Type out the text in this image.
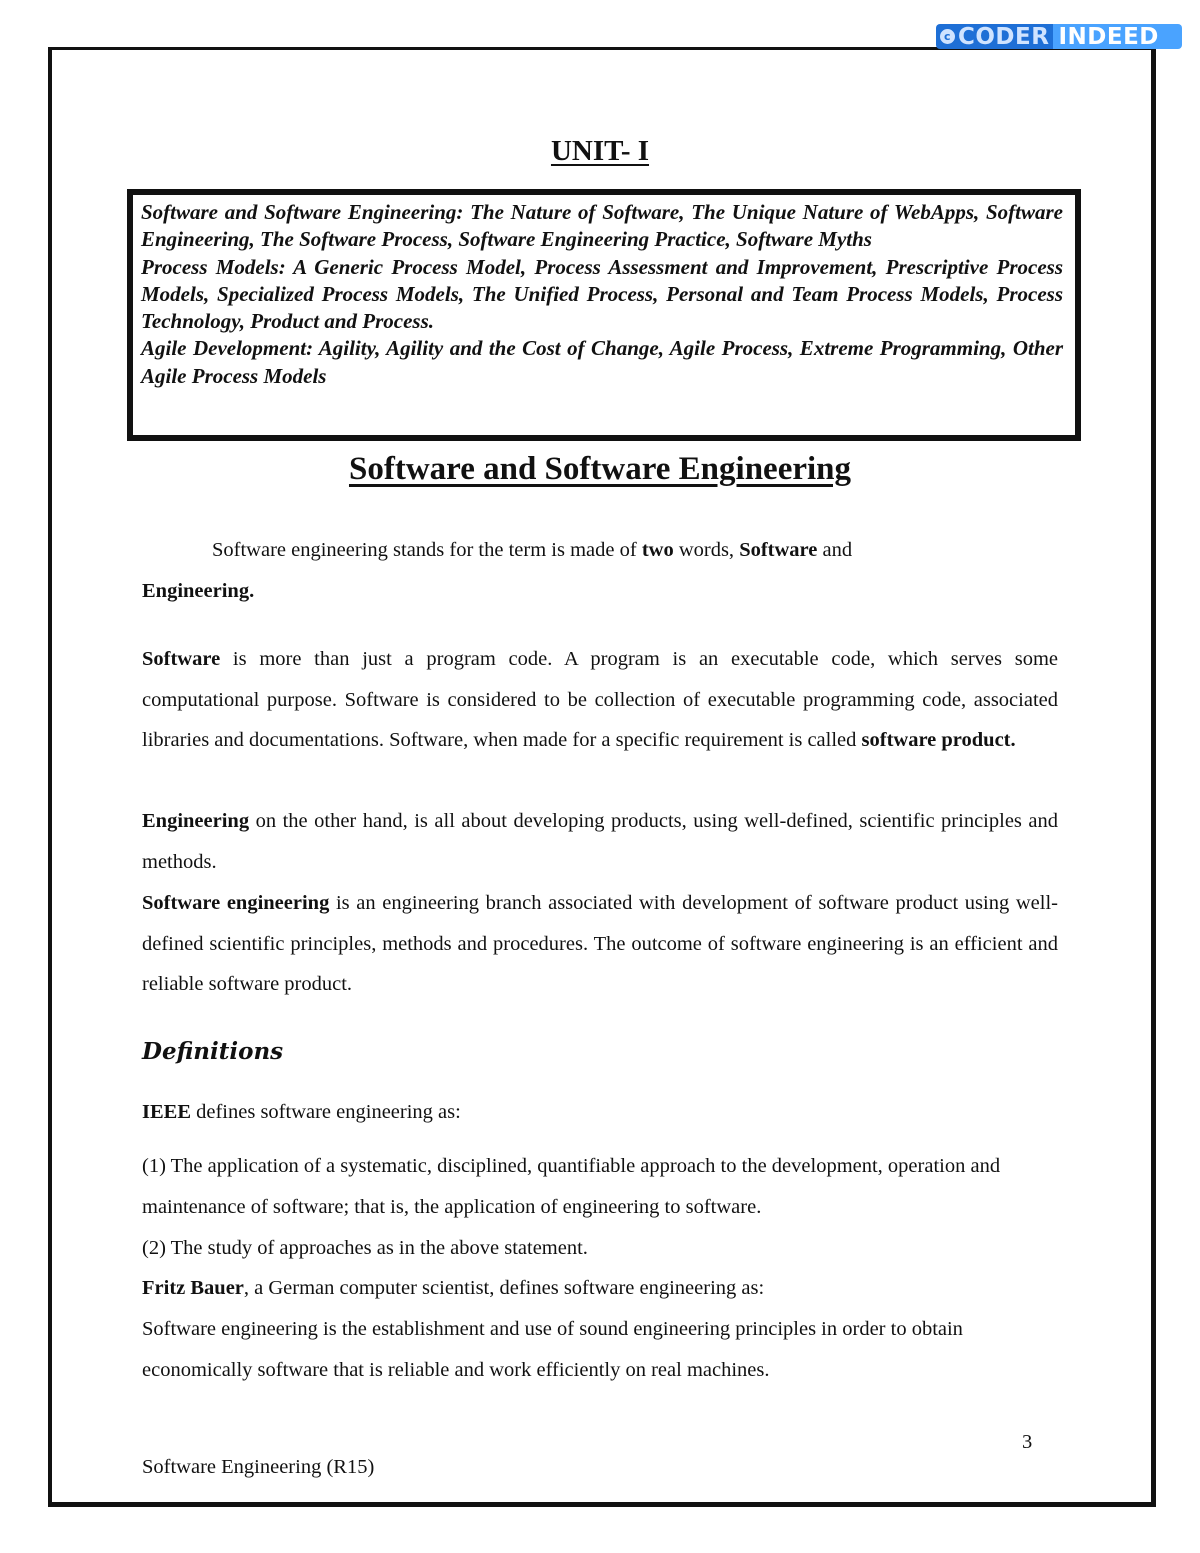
c CODER INDEED
UNIT- I

Software and Software Engineering: The Nature of Software, The Unique Nature of WebApps, Software Engineering, The Software Process, Software Engineering Practice, Software Myths

Process Models: A Generic Process Model, Process Assessment and Improvement, Prescriptive Process Models, Specialized Process Models, The Unified Process, Personal and Team Process Models, Process Technology, Product and Process.

Agile Development: Agility, Agility and the Cost of Change, Agile Process, Extreme Programming, Other Agile Process Models

Software and Software Engineering

Software engineering stands for the term is made of two words, Software and
Engineering.

Software is more than just a program code. A program is an executable code, which serves some computational purpose. Software is considered to be collection of executable programming code, associated libraries and documentations. Software, when made for a specific requirement is called software product.

Engineering on the other hand, is all about developing products, using well-defined, scientific principles and methods.

Software engineering is an engineering branch associated with development of software product using well-defined scientific principles, methods and procedures. The outcome of software engineering is an efficient and reliable software product.

Definitions

IEEE defines software engineering as:

(1) The application of a systematic, disciplined, quantifiable approach to the development, operation and maintenance of software; that is, the application of engineering to software.

(2) The study of approaches as in the above statement.

Fritz Bauer, a German computer scientist, defines software engineering as:

Software engineering is the establishment and use of sound engineering principles in order to obtain economically software that is reliable and work efficiently on real machines.

3

Software Engineering (R15)
